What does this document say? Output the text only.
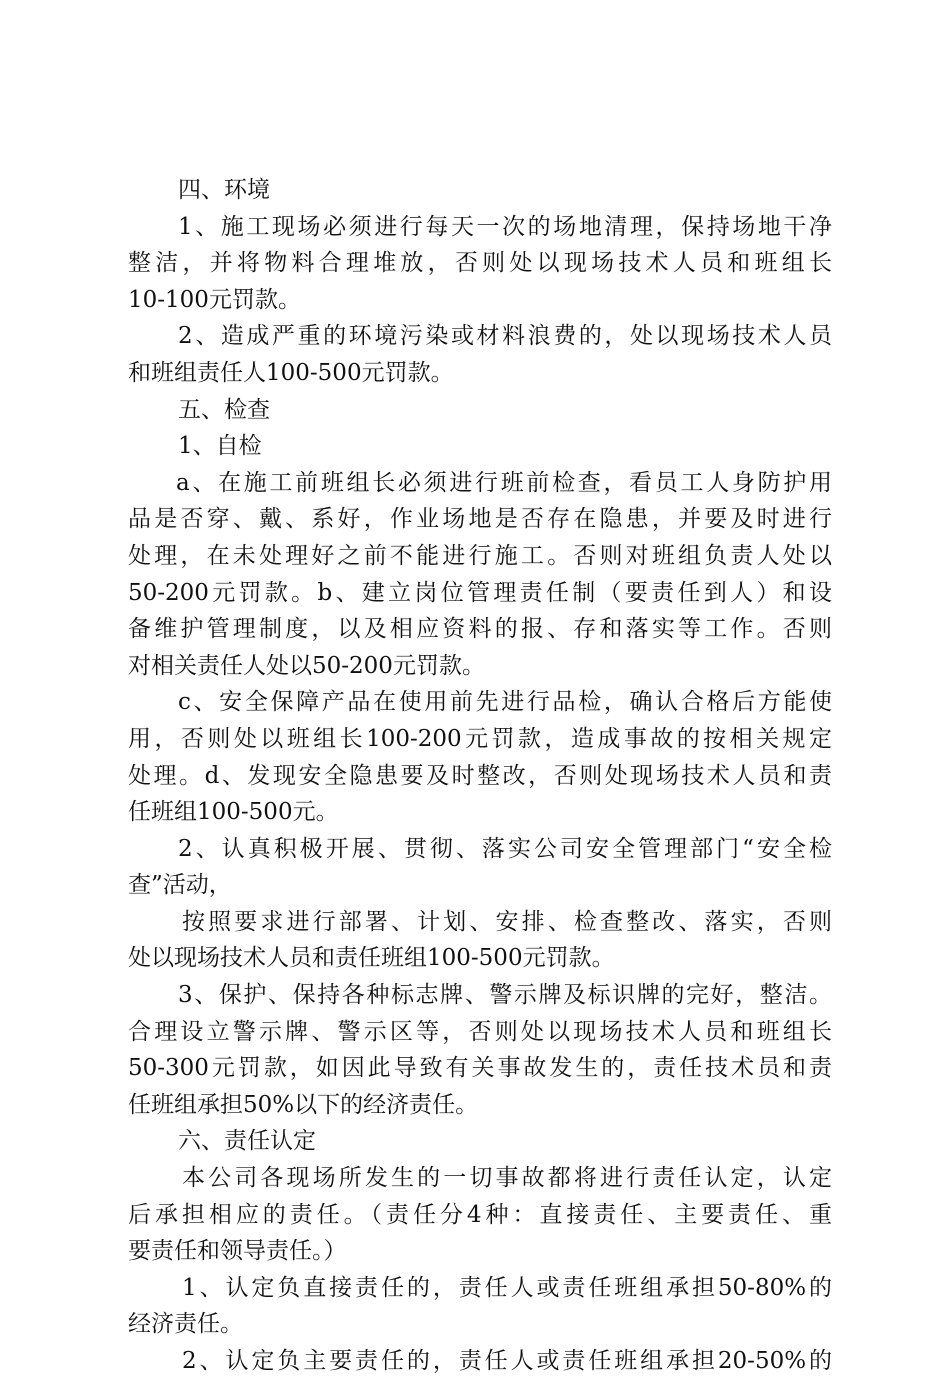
四、环境
1、施工现场必须进行每天一次的场地清理，保持场地干净
整洁，并将物料合理堆放，否则处以现场技术人员和班组长
10-100元罚款。
2、造成严重的环境污染或材料浪费的，处以现场技术人员
和班组责任人100-500元罚款。
五、检查
1、自检
a、在施工前班组长必须进行班前检查，看员工人身防护用
品是否穿、戴、系好，作业场地是否存在隐患，并要及时进行
处理，在未处理好之前不能进行施工。否则对班组负责人处以
50-200元罚款。b、建立岗位管理责任制（要责任到人）和设
备维护管理制度，以及相应资料的报、存和落实等工作。否则
对相关责任人处以50-200元罚款。
c、安全保障产品在使用前先进行品检，确认合格后方能使
用，否则处以班组长100-200元罚款，造成事故的按相关规定
处理。d、发现安全隐患要及时整改，否则处现场技术人员和责
任班组100-500元。
2、认真积极开展、贯彻、落实公司安全管理部门“安全检
查”活动，
按照要求进行部署、计划、安排、检查整改、落实，否则
处以现场技术人员和责任班组100-500元罚款。
3、保护、保持各种标志牌、警示牌及标识牌的完好，整洁。
合理设立警示牌、警示区等，否则处以现场技术人员和班组长
50-300元罚款，如因此导致有关事故发生的，责任技术员和责
任班组承担50%以下的经济责任。
六、责任认定
本公司各现场所发生的一切事故都将进行责任认定，认定
后承担相应的责任。（责任分4种：直接责任、主要责任、重
要责任和领导责任。）
1、认定负直接责任的，责任人或责任班组承担50-80%的
经济责任。
2、认定负主要责任的，责任人或责任班组承担20-50%的
